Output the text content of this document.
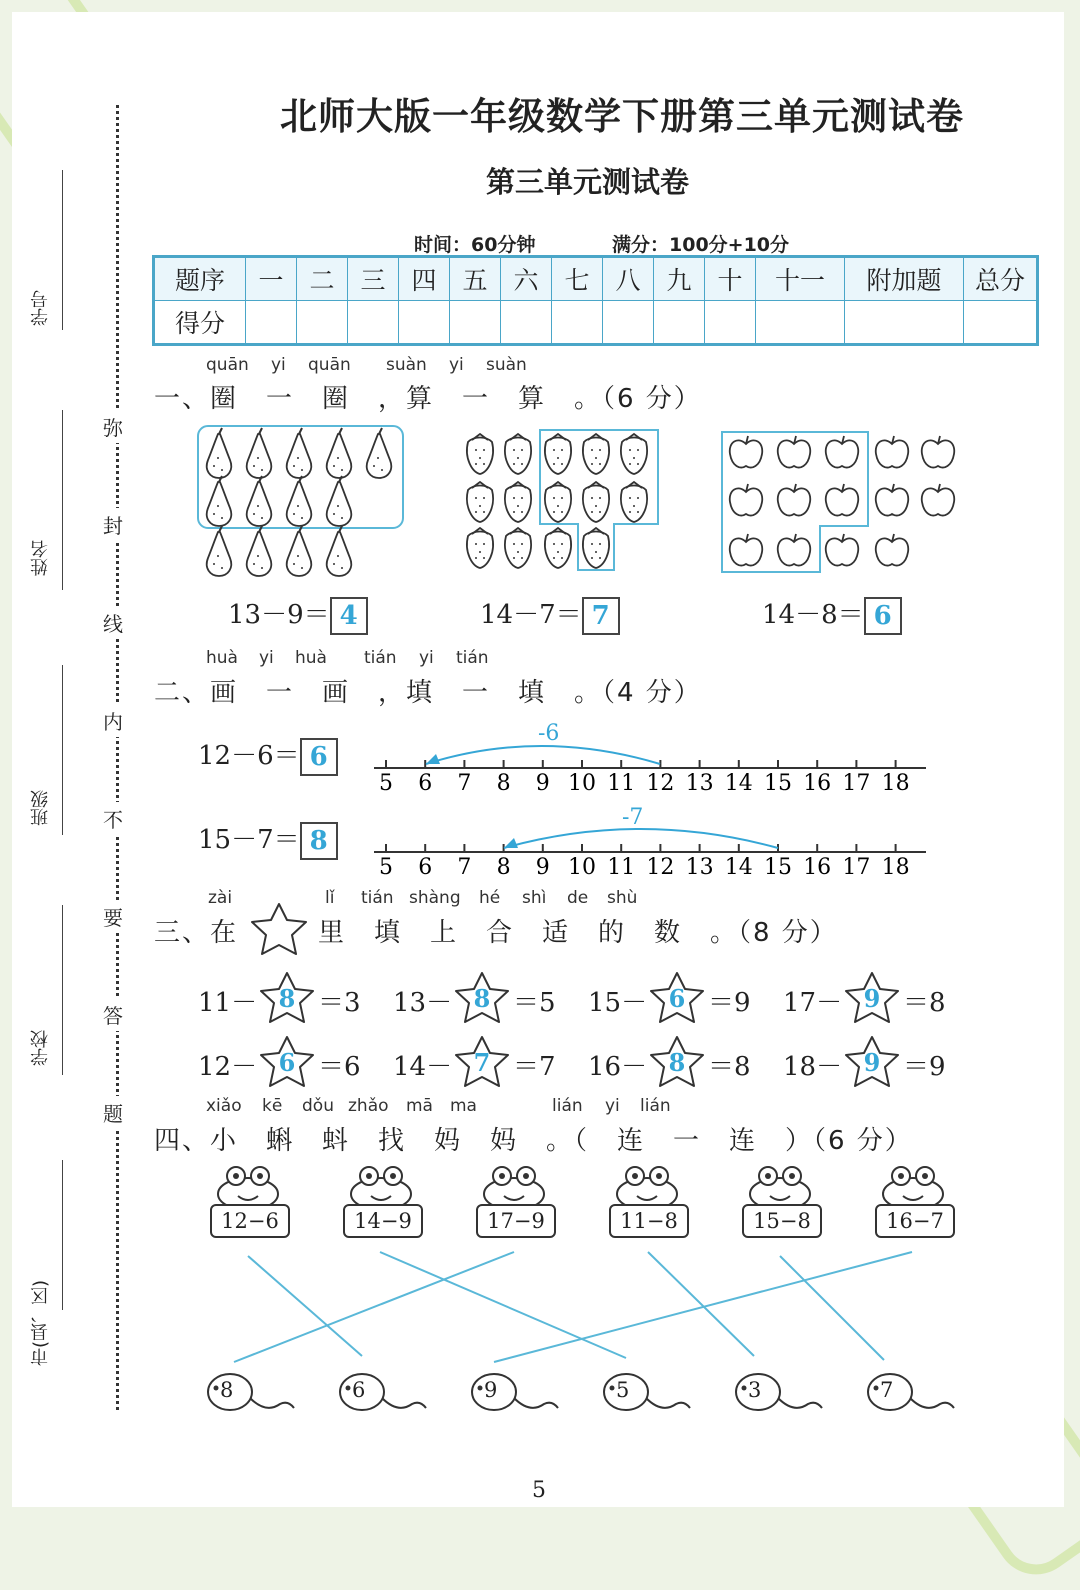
北师大版一年级数学下册第三单元测试卷
第三单元测试卷
时间：60分钟	满分：100分+10分
学号
姓名
班级
学校
市(县、区)
弥
封
线
内
不
要
答
题
题序	一	二	三	四	五	六	七	八	九	十	十一	附加题	总分
得分													
quān yi quān suàn yi suàn
一、圈　一　圈　，算　一　算　。（6 分）
13－9＝ 4	14－7＝ 7	14－8＝ 6
huà yi huà tián yi tián
二、画　一　画　，填　一　填　。（4 分）
12－6＝ 6
15－7＝ 8
5
5
6
6
7
7
8
8
9
9
10
10
11
11
12
12
13
13
14
14
15
15
16
16
17
17
18
18
-6
-7
zài	lǐ tián shàng hé shì de shù
三、在	里　填　上　合　适　的　数　。（8 分）
11－ 8 ＝3 13－ 8 ＝5 15－ 6 ＝9 17－ 9 ＝8
12－ 6 ＝6 14－ 7 ＝7 16－ 8 ＝8 18－ 9 ＝9
xiǎo kē dǒu zhǎo mā ma	lián yi lián
四、小　蝌　蚪　找　妈　妈　。（　连　一　连　）（6 分）
12−6	14−9	17−9	11−8	15−8	16−7
8	6	9	5	3	7
5
